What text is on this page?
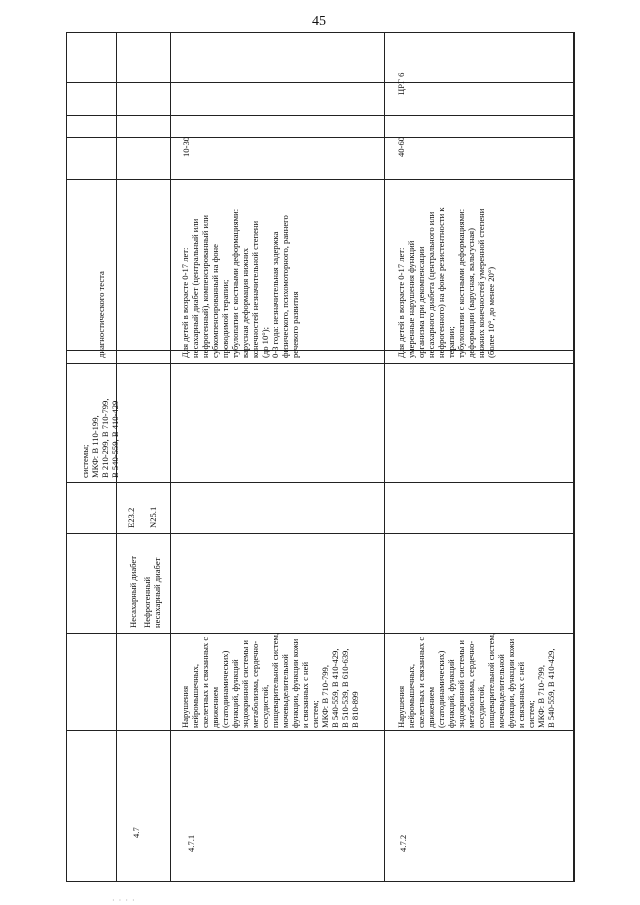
45
системы; МКФ: В 110-199, В 210-299, В 710-799, В 540-559, В 410-429
диагностического теста
4.7
Несахарный диабет
E23.2
4.7.1
Нефрогенный несахарный диабет
N25.1
Нарушения нейромышечных, скелетных и связанных с движением (статодинамических) функций, функций эндокринной системы и метаболизма, сердечно- сосудистой, пищеварительной систем, мочевыделительной функции, функции кожи и связанных с ней систем; МКФ: В 710-799, В 540-559, В 410-429, В 510-539, В 610-639, В 810-899
Для детей в возрасте 0-17 лет: несахарный диабет (центральный или нефрогенный), компенсированный или субкомпенсированный на фоне проводимой терапии; тубулопатии с костными деформациями: варусная деформация нижних конечностей незначительной степени (до 10°); 0-3 года: незначительная задержка физического, психомоторного, раннего речевого развития
10-30
4.7.2
Нарушения нейромышечных, скелетных и связанных с движением (статодинамических) функций, функций эндокринной системы и метаболизма, сердечно- сосудистой, пищеварительной систем, мочевыделительной функции, функции кожи и связанных с ней систем; МКФ: В 710-799, В 540-559, В 410-429,
Для детей в возрасте 0-17 лет: умеренные нарушения функций организма при декомпенсации несахарного диабета (центрального или нефрогенного) на фоне резистентности к терапии; тубулопатии с костными деформациями: деформации (варусная, вальгусная) нижних конечностей умеренной степени (более 10°, до менее 20°)
40-60
ЦРГ 6
· · · ·
